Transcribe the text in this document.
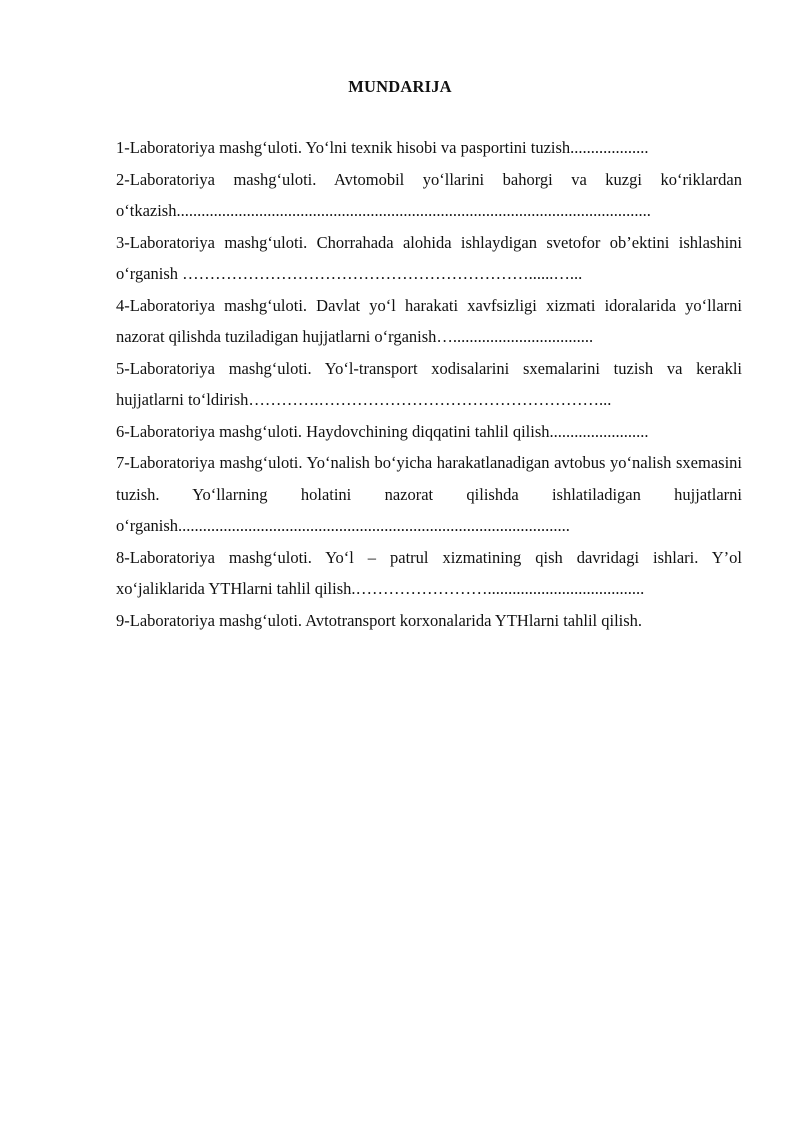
MUNDARIJA

1-Laboratoriya mashg‘uloti. Yo‘lni texnik hisobi va pasportini tuzish...................

2-Laboratoriya mashg‘uloti. Avtomobil yo‘llarini bahorgi va kuzgi ko‘riklardan o‘tkazish...................................................................................................................

3-Laboratoriya mashg‘uloti. Chorrahada alohida ishlaydigan svetofor ob’ektini ishlashini o‘rganish ………………………………………………………......…...

4-Laboratoriya mashg‘uloti. Davlat yo‘l harakati xavfsizligi xizmati idoralarida yo‘llarni nazorat qilishda tuziladigan hujjatlarni o‘rganish…..................................

5-Laboratoriya mashg‘uloti. Yo‘l-transport xodisalarini sxemalarini tuzish va kerakli hujjatlarni to‘ldirish………….……………………………………………...

6-Laboratoriya mashg‘uloti. Haydovchining diqqatini tahlil qilish........................

7-Laboratoriya mashg‘uloti. Yo‘nalish bo‘yicha harakatlanadigan avtobus yo‘nalish sxemasini tuzish. Yo‘llarning holatini nazorat qilishda ishlatiladigan hujjatlarni o‘rganish...............................................................................................

8-Laboratoriya mashg‘uloti. Yo‘l – patrul xizmatining qish davridagi ishlari. Y’ol xo‘jaliklarida YTHlarni tahlil qilish.……………………......................................

9-Laboratoriya mashg‘uloti. Avtotransport korxonalarida YTHlarni tahlil qilish.
